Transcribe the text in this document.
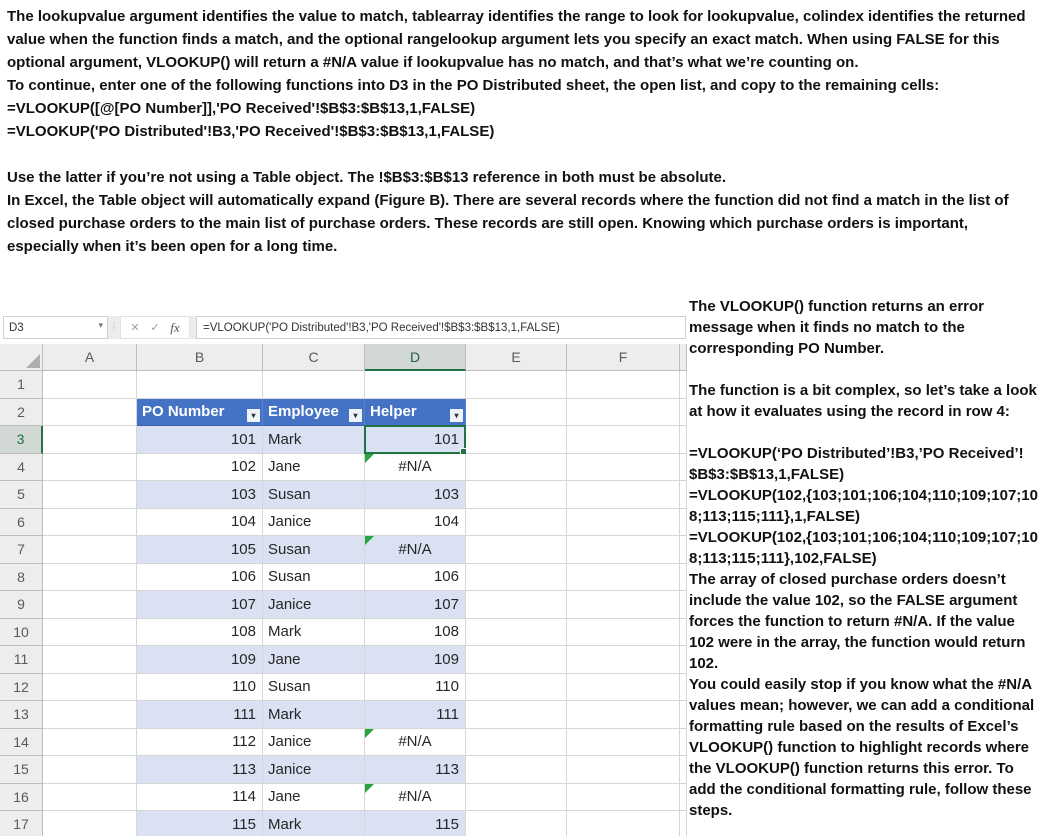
The lookupvalue argument identifies the value to match, tablearray identifies the range to look for lookupvalue, colindex identifies the returned value when the function finds a match, and the optional rangelookup argument lets you specify an exact match. When using FALSE for this optional argument, VLOOKUP() will return a #N/A value if lookupvalue has no match, and that’s what we’re counting on.

To continue, enter one of the following functions into D3 in the PO Distributed sheet, the open list, and copy to the remaining cells:

=VLOOKUP([@[PO Number]],'PO Received'!$B$3:$B$13,1,FALSE)

=VLOOKUP('PO Distributed'!B3,'PO Received'!$B$3:$B$13,1,FALSE)

Use the latter if you’re not using a Table object. The !$B$3:$B$13 reference in both must be absolute.

In Excel, the Table object will automatically expand (Figure B). There are several records where the function did not find a match in the list of closed purchase orders to the main list of purchase orders. These records are still open. Knowing which purchase orders is important, especially when it’s been open for a long time.

D3	▾ ⁞	✕ ✓ fx	=VLOOKUP('PO Distributed'!B3,'PO Received'!$B$3:$B$13,1,FALSE)
A	B	C	D	E	F
1
2	PO Number	▾ Employee	▾ Helper	▾
3	101 Mark	101
4	102 Jane	#N/A
5	103 Susan	103
6	104 Janice	104
7	105 Susan	#N/A
8	106 Susan	106
9	107 Janice	107
10	108 Mark	108
11	109 Jane	109
12	110 Susan	110
13	111 Mark	111
14	112 Janice	#N/A
15	113 Janice	113
16	114 Jane	#N/A
17	115 Mark	115

The VLOOKUP() function returns an error message when it finds no match to the corresponding PO Number.

The function is a bit complex, so let’s take a look at how it evaluates using the record in row 4:

=VLOOKUP(‘PO Distributed’!B3,’PO Received’!$B$3:$B$13,1,FALSE)
=VLOOKUP(102,{103;101;106;104;110;109;107;108;113;115;111},1,FALSE)
=VLOOKUP(102,{103;101;106;104;110;109;107;108;113;115;111},102,FALSE)

The array of closed purchase orders doesn’t include the value 102, so the FALSE argument forces the function to return #N/A. If the value 102 were in the array, the function would return 102.

You could easily stop if you know what the #N/A values mean; however, we can add a conditional formatting rule based on the results of Excel’s VLOOKUP() function to highlight records where the VLOOKUP() function returns this error. To add the conditional formatting rule, follow these steps.
